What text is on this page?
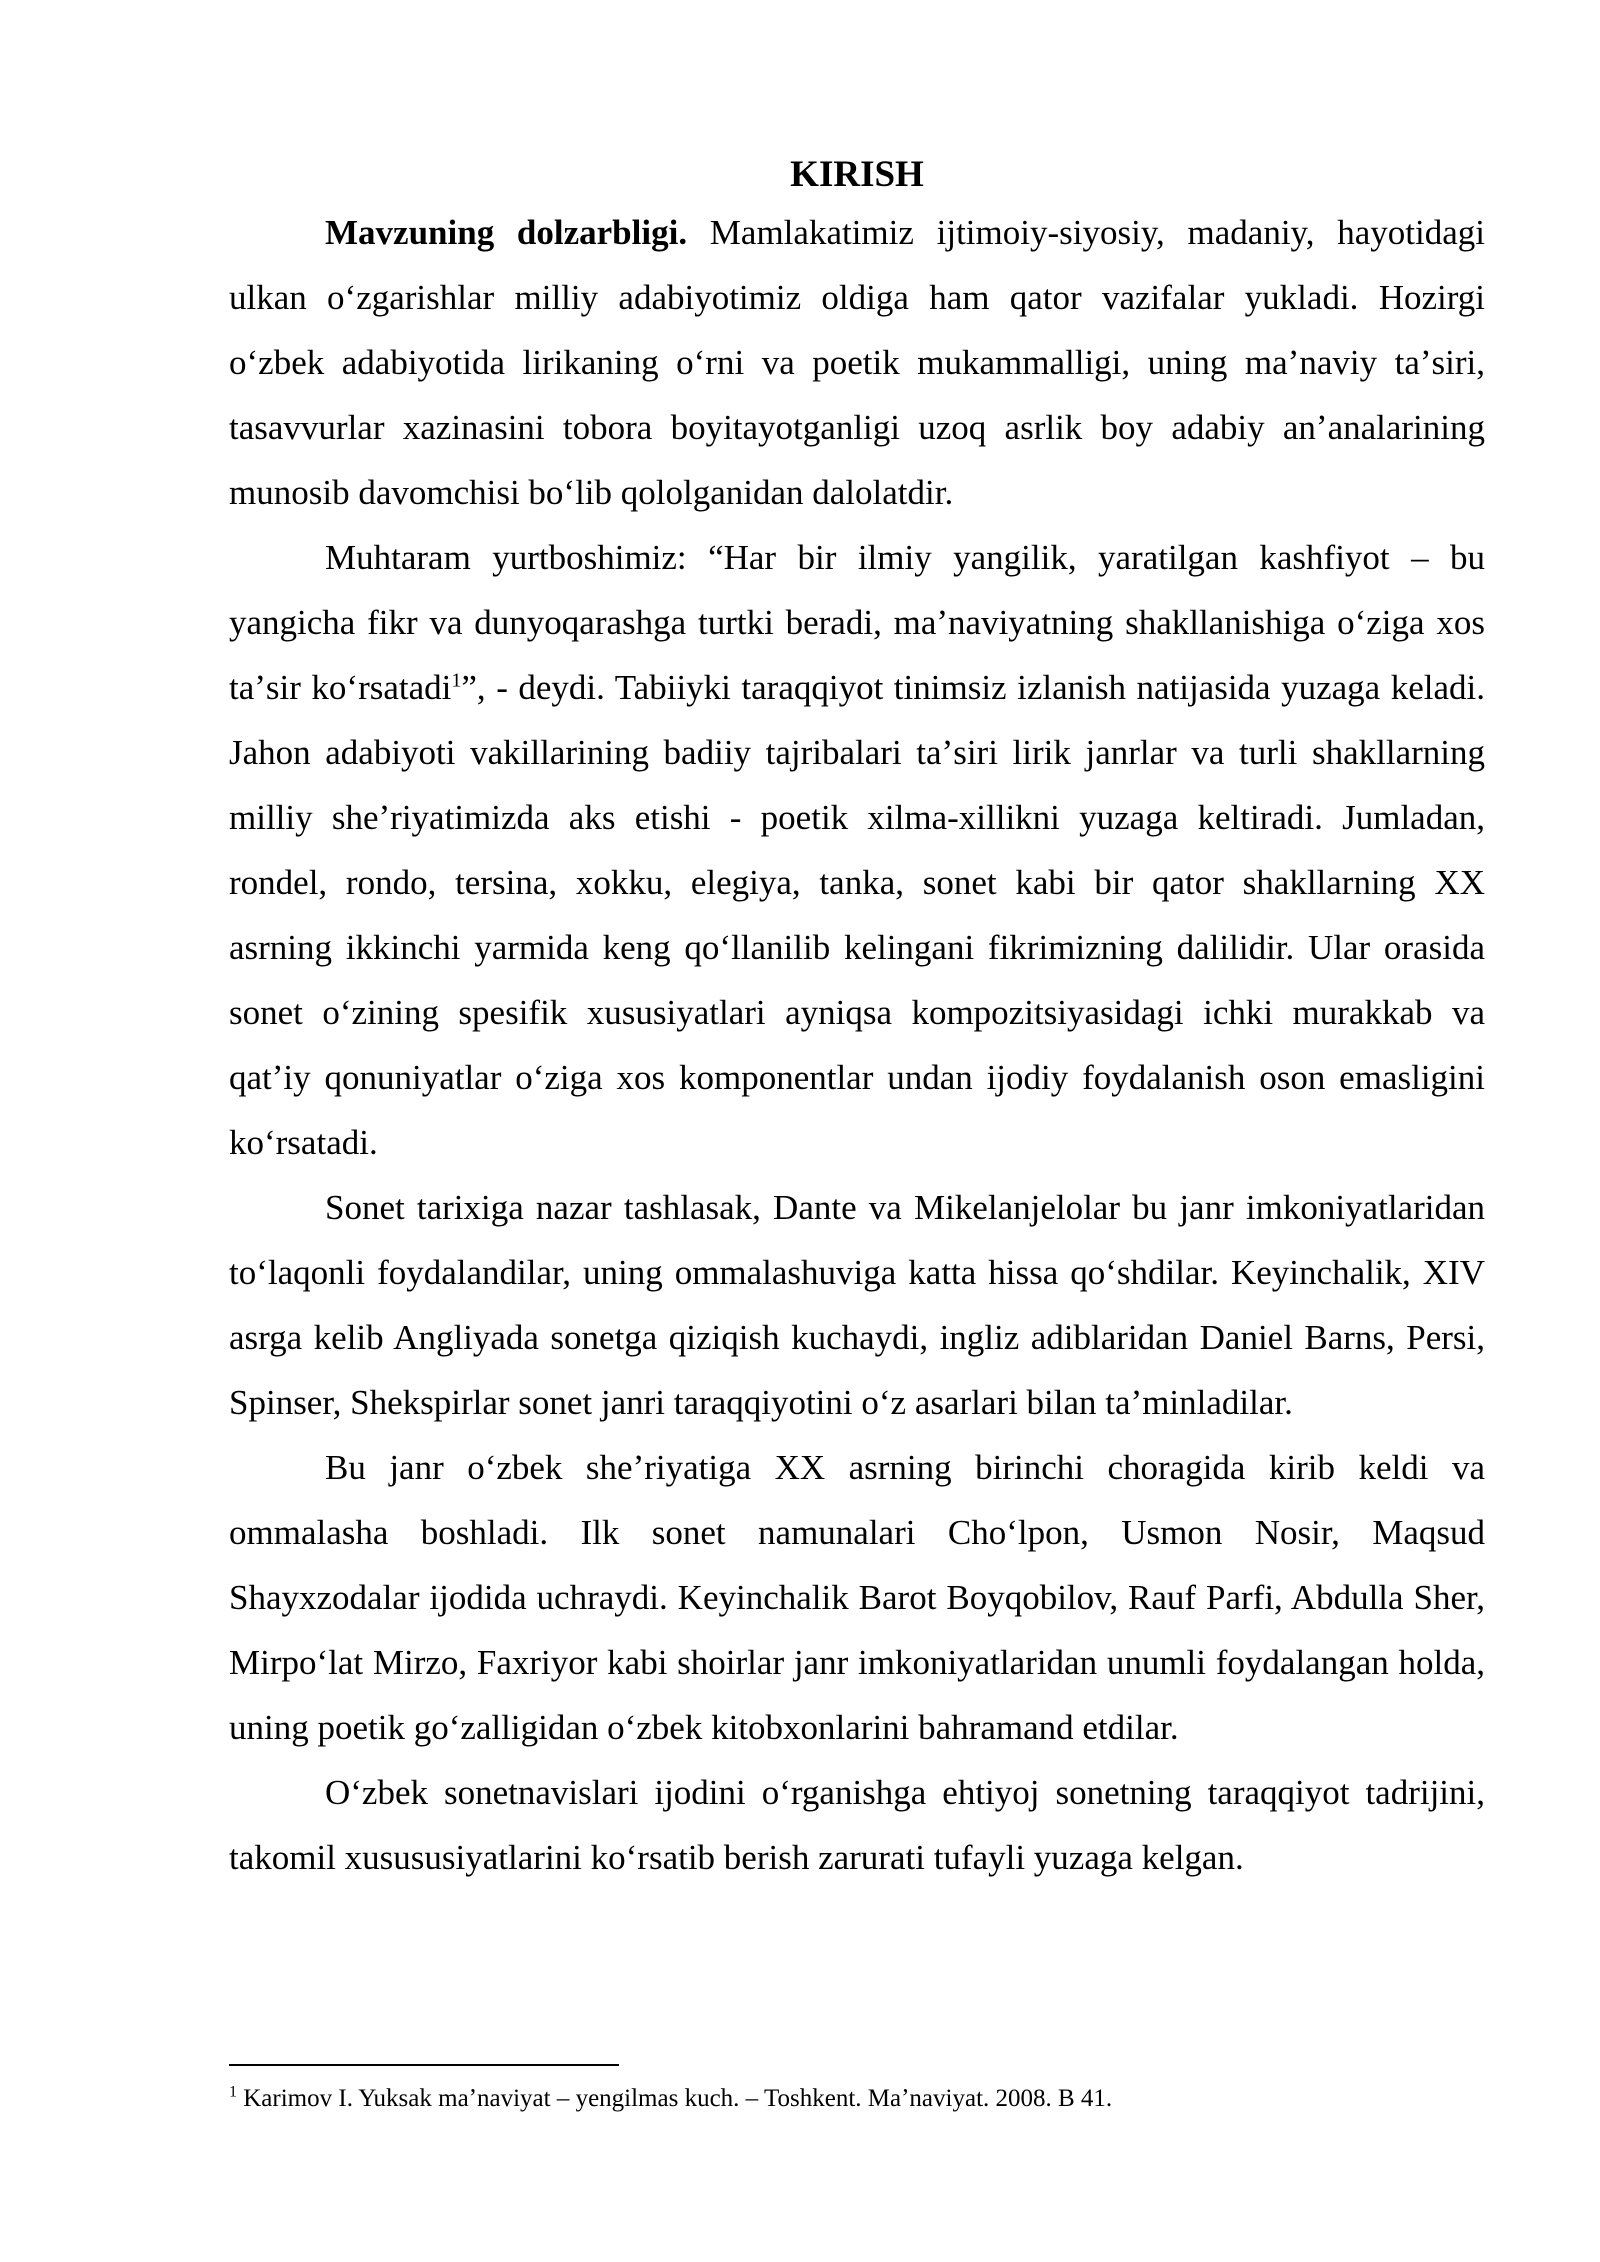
KIRISH

Mavzuning dolzarbligi. Mamlakatimiz ijtimoiy-siyosiy, madaniy, hayotidagi ulkan oʻzgarishlar milliy adabiyotimiz oldiga ham qator vazifalar yukladi. Hozirgi oʻzbek adabiyotida lirikaning oʻrni va poetik mukammalligi, uning maʼnaviy taʼsiri, tasavvurlar xazinasini tobora boyitayotganligi uzoq asrlik boy adabiy anʼanalarining munosib davomchisi boʻlib qololganidan dalolatdir.

Muhtaram yurtboshimiz: “Har bir ilmiy yangilik, yaratilgan kashfiyot – bu yangicha fikr va dunyoqarashga turtki beradi, maʼnaviyatning shakllanishiga oʻziga xos taʼsir koʻrsatadi$^1$”, - deydi. Tabiiyki taraqqiyot tinimsiz izlanish natijasida yuzaga keladi. Jahon adabiyoti vakillarining badiiy tajribalari taʼsiri lirik janrlar va turli shakllarning milliy sheʼriyatimizda aks etishi - poetik xilma-xillikni yuzaga keltiradi. Jumladan, rondel, rondo, tersina, xokku, elegiya, tanka, sonet kabi bir qator shakllarning XX asrning ikkinchi yarmida keng qoʻllanilib kelingani fikrimizning dalilidir. Ular orasida sonet oʻzining spesifik xususiyatlari ayniqsa kompozitsiyasidagi ichki murakkab va qatʼiy qonuniyatlar oʻziga xos komponentlar undan ijodiy foydalanish oson emasligini koʻrsatadi.

Sonet tarixiga nazar tashlasak, Dante va Mikelanjelolar bu janr imkoniyatlaridan toʻlaqonli foydalandilar, uning ommalashuviga katta hissa qoʻshdilar. Keyinchalik, XIV asrga kelib Angliyada sonetga qiziqish kuchaydi, ingliz adiblaridan Daniel Barns, Persi, Spinser, Shekspirlar sonet janri taraqqiyotini oʻz asarlari bilan taʼminladilar.

Bu janr oʻzbek sheʼriyatiga XX asrning birinchi choragida kirib keldi va ommalasha boshladi. Ilk sonet namunalari Choʻlpon, Usmon Nosir, Maqsud Shayxzodalar ijodida uchraydi. Keyinchalik Barot Boyqobilov, Rauf Parfi, Abdulla Sher, Mirpoʻlat Mirzo, Faxriyor kabi shoirlar janr imkoniyatlaridan unumli foydalangan holda, uning poetik goʻzalligidan oʻzbek kitobxonlarini bahramand etdilar.

Oʻzbek sonetnavislari ijodini oʻrganishga ehtiyoj sonetning taraqqiyot tadrijini, takomil xusususiyatlarini koʻrsatib berish zarurati tufayli yuzaga kelgan.

$^1$ Karimov I. Yuksak maʼnaviyat – yengilmas kuch. – Toshkent. Maʼnaviyat. 2008. B 41.
